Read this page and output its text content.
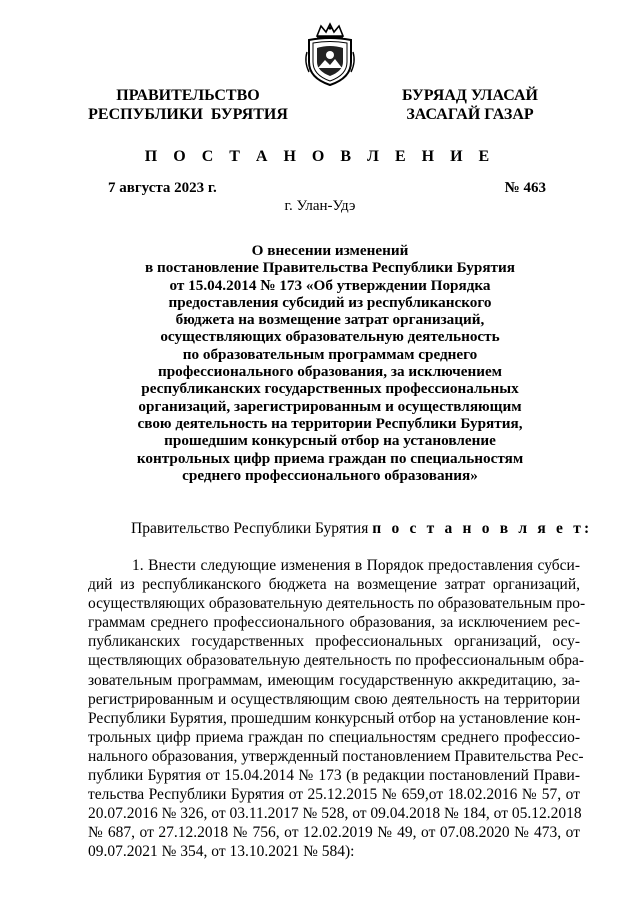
ПРАВИТЕЛЬСТВО
РЕСПУБЛИКИ  БУРЯТИЯ
БУРЯАД УЛАСАЙ
ЗАСАГАЙ ГАЗАР
П О С Т А Н О В Л Е Н И Е
7 августа 2023 г.	№ 463
г. Улан-Удэ
О внесении изменений
в постановление Правительства Республики Бурятия
от 15.04.2014 № 173 «Об утверждении Порядка
предоставления субсидий из республиканского
бюджета на возмещение затрат организаций,
осуществляющих образовательную деятельность
по образовательным программам среднего
профессионального образования, за исключением
республиканских государственных профессиональных
организаций, зарегистрированным и осуществляющим
свою деятельность на территории Республики Бурятия,
прошедшим конкурсный отбор на установление
контрольных цифр приема граждан по специальностям
среднего профессионального образования»
Правительство Республики Бурятия п о с т а н о в л я е т:
1. Внести следующие изменения в Порядок предоставления субси-
дий из республиканского бюджета на возмещение затрат организаций,
осуществляющих образовательную деятельность по образовательным про-
граммам среднего профессионального образования, за исключением рес-
публиканских государственных профессиональных организаций, осу-
ществляющих образовательную деятельность по профессиональным обра-
зовательным программам, имеющим государственную аккредитацию, за-
регистрированным и осуществляющим свою деятельность на территории
Республики Бурятия, прошедшим конкурсный отбор на установление кон-
трольных цифр приема граждан по специальностям среднего профессио-
нального образования, утвержденный постановлением Правительства Рес-
публики Бурятия от 15.04.2014 № 173 (в редакции постановлений Прави-
тельства Республики Бурятия от 25.12.2015 № 659,от 18.02.2016 № 57, от
20.07.2016 № 326, от 03.11.2017 № 528, от 09.04.2018 № 184, от 05.12.2018
№ 687, от 27.12.2018 № 756, от 12.02.2019 № 49, от 07.08.2020 № 473, от
09.07.2021 № 354, от 13.10.2021 № 584):
